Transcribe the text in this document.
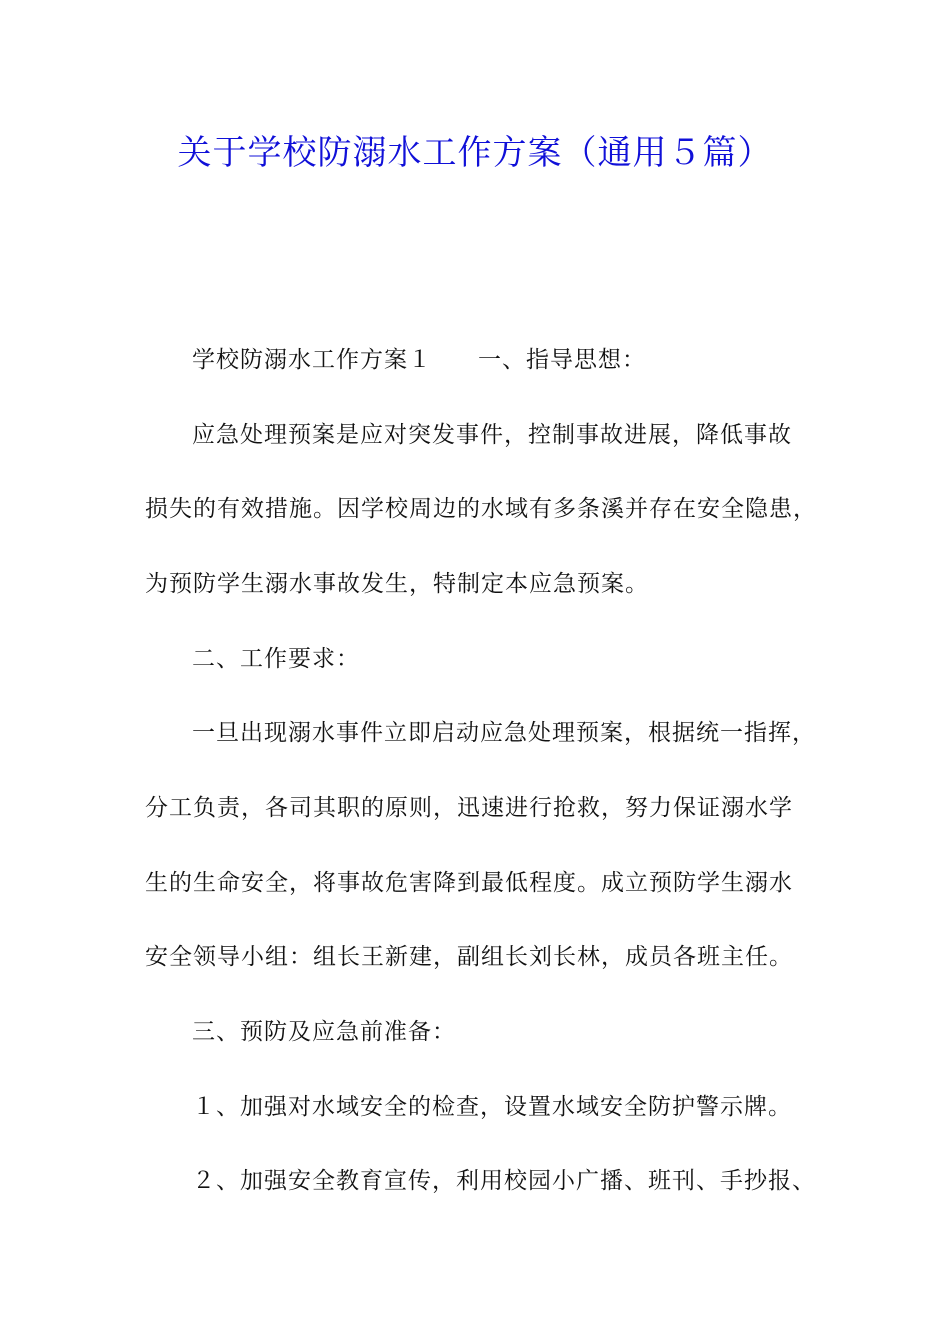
关于学校防溺水工作方案（通用５篇）
学校防溺水工作方案１ 一、指导思想：
应急处理预案是应对突发事件，控制事故进展，降低事故
损失的有效措施。因学校周边的水域有多条溪并存在安全隐患，
为预防学生溺水事故发生，特制定本应急预案。
二、工作要求：
一旦出现溺水事件立即启动应急处理预案，根据统一指挥，
分工负责，各司其职的原则，迅速进行抢救，努力保证溺水学
生的生命安全，将事故危害降到最低程度。成立预防学生溺水
安全领导小组：组长王新建，副组长刘长林，成员各班主任。
三、预防及应急前准备：
１、加强对水域安全的检查，设置水域安全防护警示牌。
２、加强安全教育宣传，利用校园小广播、班刊、手抄报、
